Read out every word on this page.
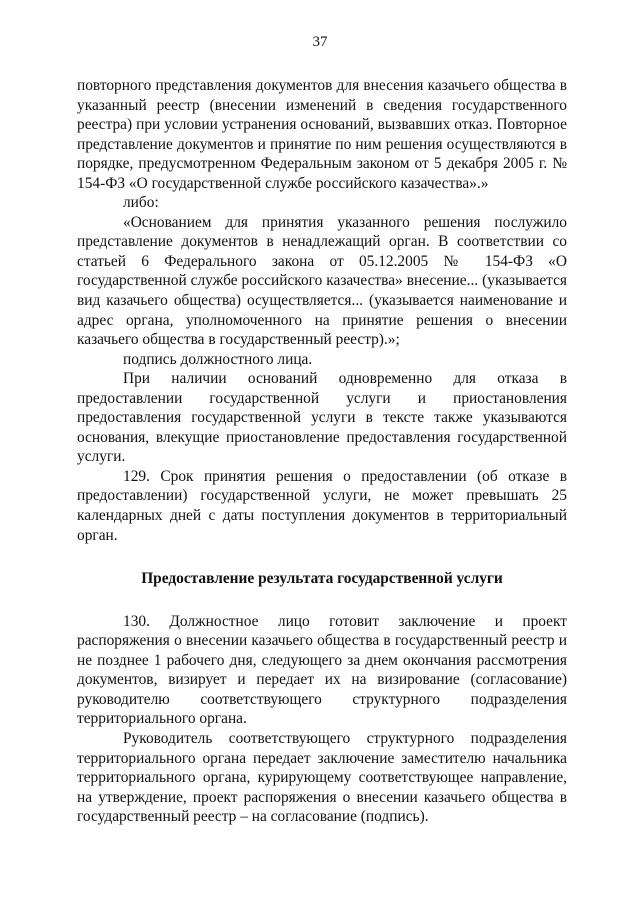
37

повторного представления документов для внесения казачьего общества в указанный реестр (внесении изменений в сведения государственного реестра) при условии устранения оснований, вызвавших отказ. Повторное представление документов и принятие по ним решения осуществляются в порядке, предусмотренном Федеральным законом от 5 декабря 2005 г. № 154-ФЗ «О государственной службе российского казачества».»

либо:

«Основанием для принятия указанного решения послужило представление документов в ненадлежащий орган. В соответствии со статьей 6 Федерального закона от 05.12.2005 № 154-ФЗ «О государственной службе российского казачества» внесение... (указывается вид казачьего общества) осуществляется... (указывается наименование и адрес органа, уполномоченного на принятие решения о внесении казачьего общества в государственный реестр).»;

подпись должностного лица.

При наличии оснований одновременно для отказа в предоставлении государственной услуги и приостановления предоставления государственной услуги в тексте также указываются основания, влекущие приостановление предоставления государственной услуги.

129. Срок принятия решения о предоставлении (об отказе в предоставлении) государственной услуги, не может превышать 25 календарных дней с даты поступления документов в территориальный орган.

Предоставление результата государственной услуги

130. Должностное лицо готовит заключение и проект распоряжения о внесении казачьего общества в государственный реестр и не позднее 1 рабочего дня, следующего за днем окончания рассмотрения документов, визирует и передает их на визирование (согласование) руководителю соответствующего структурного подразделения территориального органа.

Руководитель соответствующего структурного подразделения территориального органа передает заключение заместителю начальника территориального органа, курирующему соответствующее направление, на утверждение, проект распоряжения о внесении казачьего общества в государственный реестр – на согласование (подпись).
